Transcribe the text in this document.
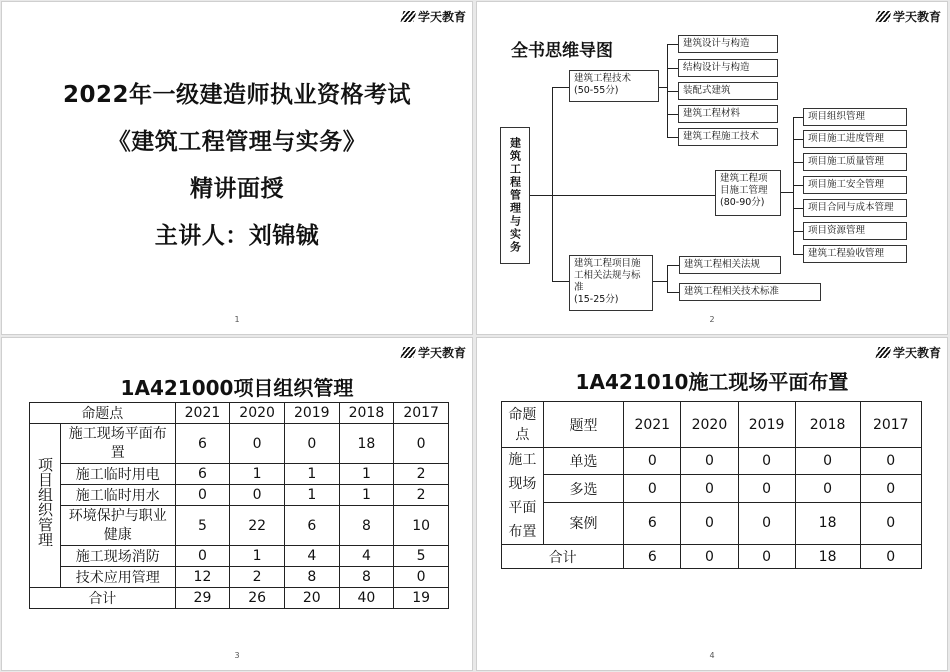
学天教育
2022年一级建造师执业资格考试
《建筑工程管理与实务》
精讲面授
主讲人：刘锦铖
1
学天教育
全书思维导图
建筑工程管理与实务
建筑工程技术
(50-55分)
建筑设计与构造
结构设计与构造
装配式建筑
建筑工程材料
建筑工程施工技术
建筑工程项目施工管理
(80-90分)
项目组织管理
项目施工进度管理
项目施工质量管理
项目施工安全管理
项目合同与成本管理
项目资源管理
建筑工程验收管理
建筑工程项目施工相关法规与标准
(15-25分)
建筑工程相关法规
建筑工程相关技术标准
2
学天教育
1A421000项目组织管理
命题点		2021	2020	2019	2018	2017
项目组织管理	施工现场平面布置	6	0	0	18	0
	施工临时用电	6	1	1	1	2
	施工临时用水	0	0	1	1	2
	环境保护与职业健康	5	22	6	8	10
	施工现场消防	0	1	4	4	5
	技术应用管理	12	2	8	8	0
合计		29	26	20	40	19
3
学天教育
1A421010施工现场平面布置
命题点	题型	2021	2020	2019	2018	2017
施工现场平面布置	单选	0	0	0	0	0
	多选	0	0	0	0	0
	案例	6	0	0	18	0
合计		6	0	0	18	0
4
